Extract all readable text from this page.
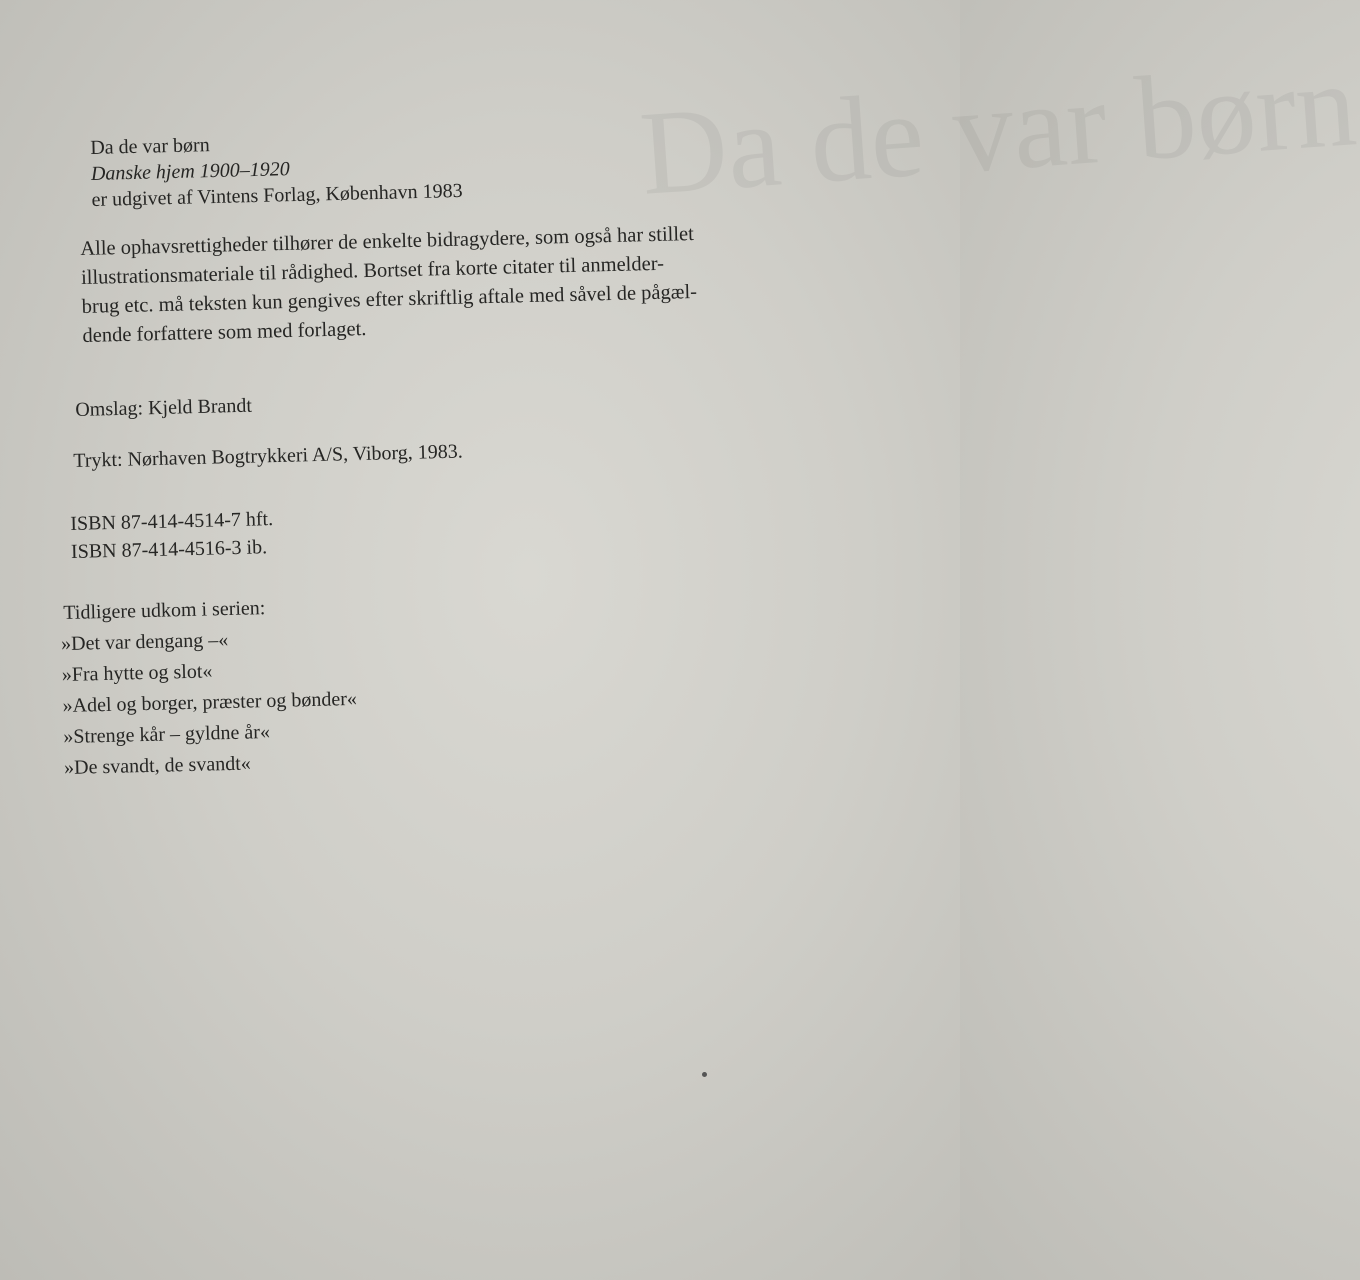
Da de var børn
Da de var børn
Danske hjem 1900–1920
er udgivet af Vintens Forlag, København 1983
Alle ophavsrettigheder tilhører de enkelte bidragydere, som også har stillet
illustrationsmateriale til rådighed. Bortset fra korte citater til anmelder-
brug etc. må teksten kun gengives efter skriftlig aftale med såvel de pågæl-
dende forfattere som med forlaget.
Omslag: Kjeld Brandt
Trykt: Nørhaven Bogtrykkeri A/S, Viborg, 1983.
ISBN 87-414-4514-7 hft.
ISBN 87-414-4516-3 ib.
Tidligere udkom i serien:
»Det var dengang –«
»Fra hytte og slot«
»Adel og borger, præster og bønder«
»Strenge kår – gyldne år«
»De svandt, de svandt«
